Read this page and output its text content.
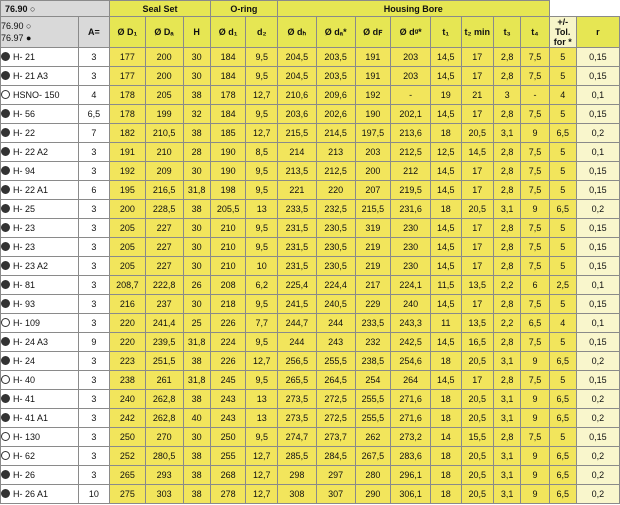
76.90 ○		Seal Set			O-ring		Housing Bore									

76.90 ○
76.97 ●	A=	Ø D₁	Ø Dₐ	H	Ø d₁	d₂	Ø dₕ	Ø dₐ*	Ø dꜰ	Ø dᵍ*	t₁	t₂ min	t₃	t₄		r
															+/- Tol. for *	
H- 21	3	177	200	30	184	9,5	204,5	203,5	191	203	14,5	17	2,8	7,5	5	0,15
H- 21 A3	3	177	200	30	184	9,5	204,5	203,5	191	203	14,5	17	2,8	7,5	5	0,15
HSNO- 150	4	178	205	38	178	12,7	210,6	209,6	192	-	19	21	3	-	4	0,1
H- 56	6,5	178	199	32	184	9,5	203,6	202,6	190	202,1	14,5	17	2,8	7,5	5	0,15
H- 22	7	182	210,5	38	185	12,7	215,5	214,5	197,5	213,6	18	20,5	3,1	9	6,5	0,2
H- 22 A2	3	191	210	28	190	8,5	214	213	203	212,5	12,5	14,5	2,8	7,5	5	0,1
H- 94	3	192	209	30	190	9,5	213,5	212,5	200	212	14,5	17	2,8	7,5	5	0,15
H- 22 A1	6	195	216,5	31,8	198	9,5	221	220	207	219,5	14,5	17	2,8	7,5	5	0,15
H- 25	3	200	228,5	38	205,5	13	233,5	232,5	215,5	231,6	18	20,5	3,1	9	6,5	0,2
H- 23	3	205	227	30	210	9,5	231,5	230,5	319	230	14,5	17	2,8	7,5	5	0,15
H- 23	3	205	227	30	210	9,5	231,5	230,5	219	230	14,5	17	2,8	7,5	5	0,15
H- 23 A2	3	205	227	30	210	10	231,5	230,5	219	230	14,5	17	2,8	7,5	5	0,15
H- 81	3	208,7	222,8	26	208	6,2	225,4	224,4	217	224,1	11,5	13,5	2,2	6	2,5	0,1
H- 93	3	216	237	30	218	9,5	241,5	240,5	229	240	14,5	17	2,8	7,5	5	0,15
H- 109	3	220	241,4	25	226	7,7	244,7	244	233,5	243,3	11	13,5	2,2	6,5	4	0,1
H- 24 A3	9	220	239,5	31,8	224	9,5	244	243	232	242,5	14,5	16,5	2,8	7,5	5	0,15
H- 24	3	223	251,5	38	226	12,7	256,5	255,5	238,5	254,6	18	20,5	3,1	9	6,5	0,2
H- 40	3	238	261	31,8	245	9,5	265,5	264,5	254	264	14,5	17	2,8	7,5	5	0,15
H- 41	3	240	262,8	38	243	13	273,5	272,5	255,5	271,6	18	20,5	3,1	9	6,5	0,2
H- 41 A1	3	242	262,8	40	243	13	273,5	272,5	255,5	271,6	18	20,5	3,1	9	6,5	0,2
H- 130	3	250	270	30	250	9,5	274,7	273,7	262	273,2	14	15,5	2,8	7,5	5	0,15
H- 62	3	252	280,5	38	255	12,7	285,5	284,5	267,5	283,6	18	20,5	3,1	9	6,5	0,2
H- 26	3	265	293	38	268	12,7	298	297	280	296,1	18	20,5	3,1	9	6,5	0,2
H- 26 A1	10	275	303	38	278	12,7	308	307	290	306,1	18	20,5	3,1	9	6,5	0,2
